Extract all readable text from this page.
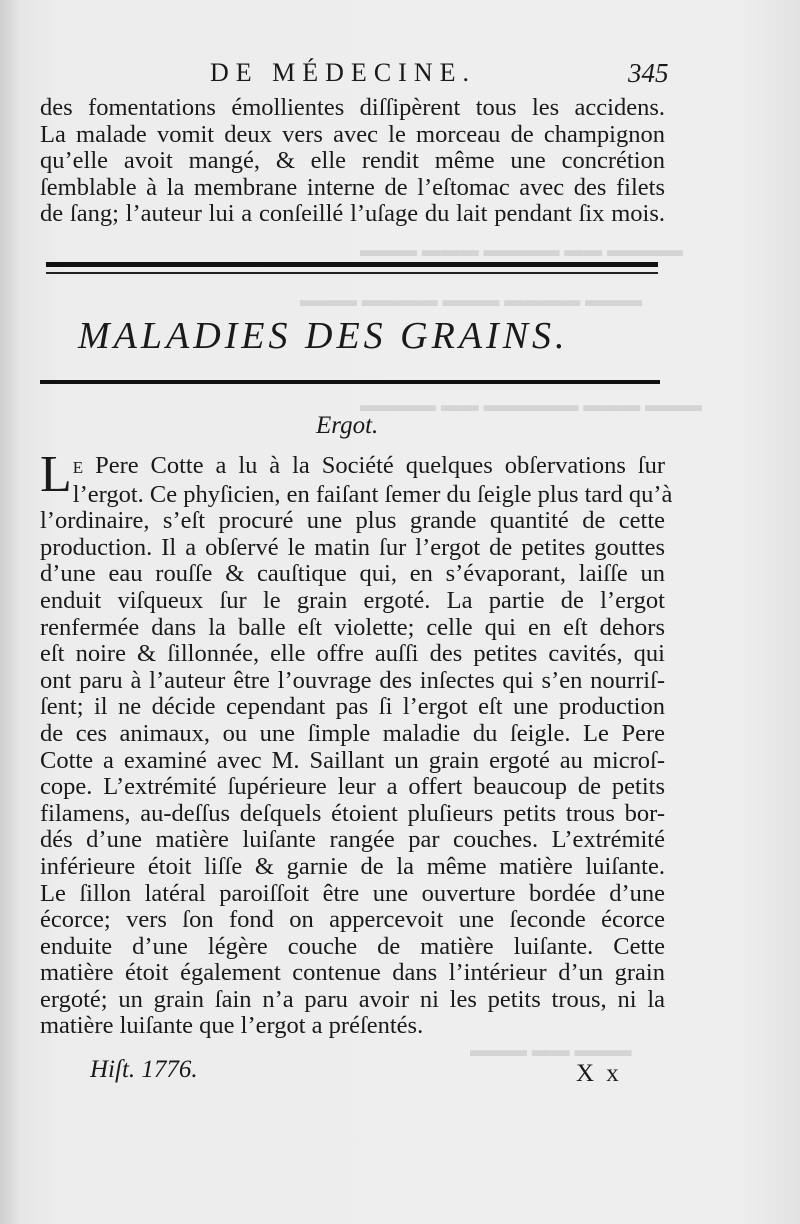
▬▬▬ ▬▬▬ ▬▬▬▬ ▬▬ ▬▬▬▬
▬▬▬ ▬▬▬▬ ▬▬▬ ▬▬▬▬ ▬▬▬
▬▬▬▬ ▬▬ ▬▬▬▬▬ ▬▬▬ ▬▬▬
▬▬▬ ▬▬ ▬▬▬
DE MÉDECINE.	345
des fomentations émollientes diſſipèrent tous les accidens.
La malade vomit deux vers avec le morceau de champignon
qu’elle avoit mangé, & elle rendit même une concrétion
ſemblable à la membrane interne de l’eſtomac avec des filets
de ſang; l’auteur lui a conſeillé l’uſage du lait pendant ſix mois.
MALADIES DES GRAINS.
Ergot.
L E Pere Cotte a lu à la Société quelques obſervations ſur
l’ergot. Ce phyſicien, en faiſant ſemer du ſeigle plus tard qu’à
l’ordinaire, s’eſt procuré une plus grande quantité de cette
production. Il a obſervé le matin ſur l’ergot de petites gouttes
d’une eau rouſſe & cauſtique qui, en s’évaporant, laiſſe un
enduit viſqueux ſur le grain ergoté. La partie de l’ergot
renfermée dans la balle eſt violette; celle qui en eſt dehors
eſt noire & ſillonnée, elle offre auſſi des petites cavités, qui
ont paru à l’auteur être l’ouvrage des inſectes qui s’en nourriſ-
ſent; il ne décide cependant pas ſi l’ergot eſt une production
de ces animaux, ou une ſimple maladie du ſeigle. Le Pere
Cotte a examiné avec M. Saillant un grain ergoté au microſ-
cope. L’extrémité ſupérieure leur a offert beaucoup de petits
filamens, au-deſſus deſquels étoient pluſieurs petits trous bor-
dés d’une matière luiſante rangée par couches. L’extrémité
inférieure étoit liſſe & garnie de la même matière luiſante.
Le ſillon latéral paroiſſoit être une ouverture bordée d’une
écorce; vers ſon fond on appercevoit une ſeconde écorce
enduite d’une légère couche de matière luiſante. Cette
matière étoit également contenue dans l’intérieur d’un grain
ergoté; un grain ſain n’a paru avoir ni les petits trous, ni la
matière luiſante que l’ergot a préſentés.
Hiſt. 1776.	X x
